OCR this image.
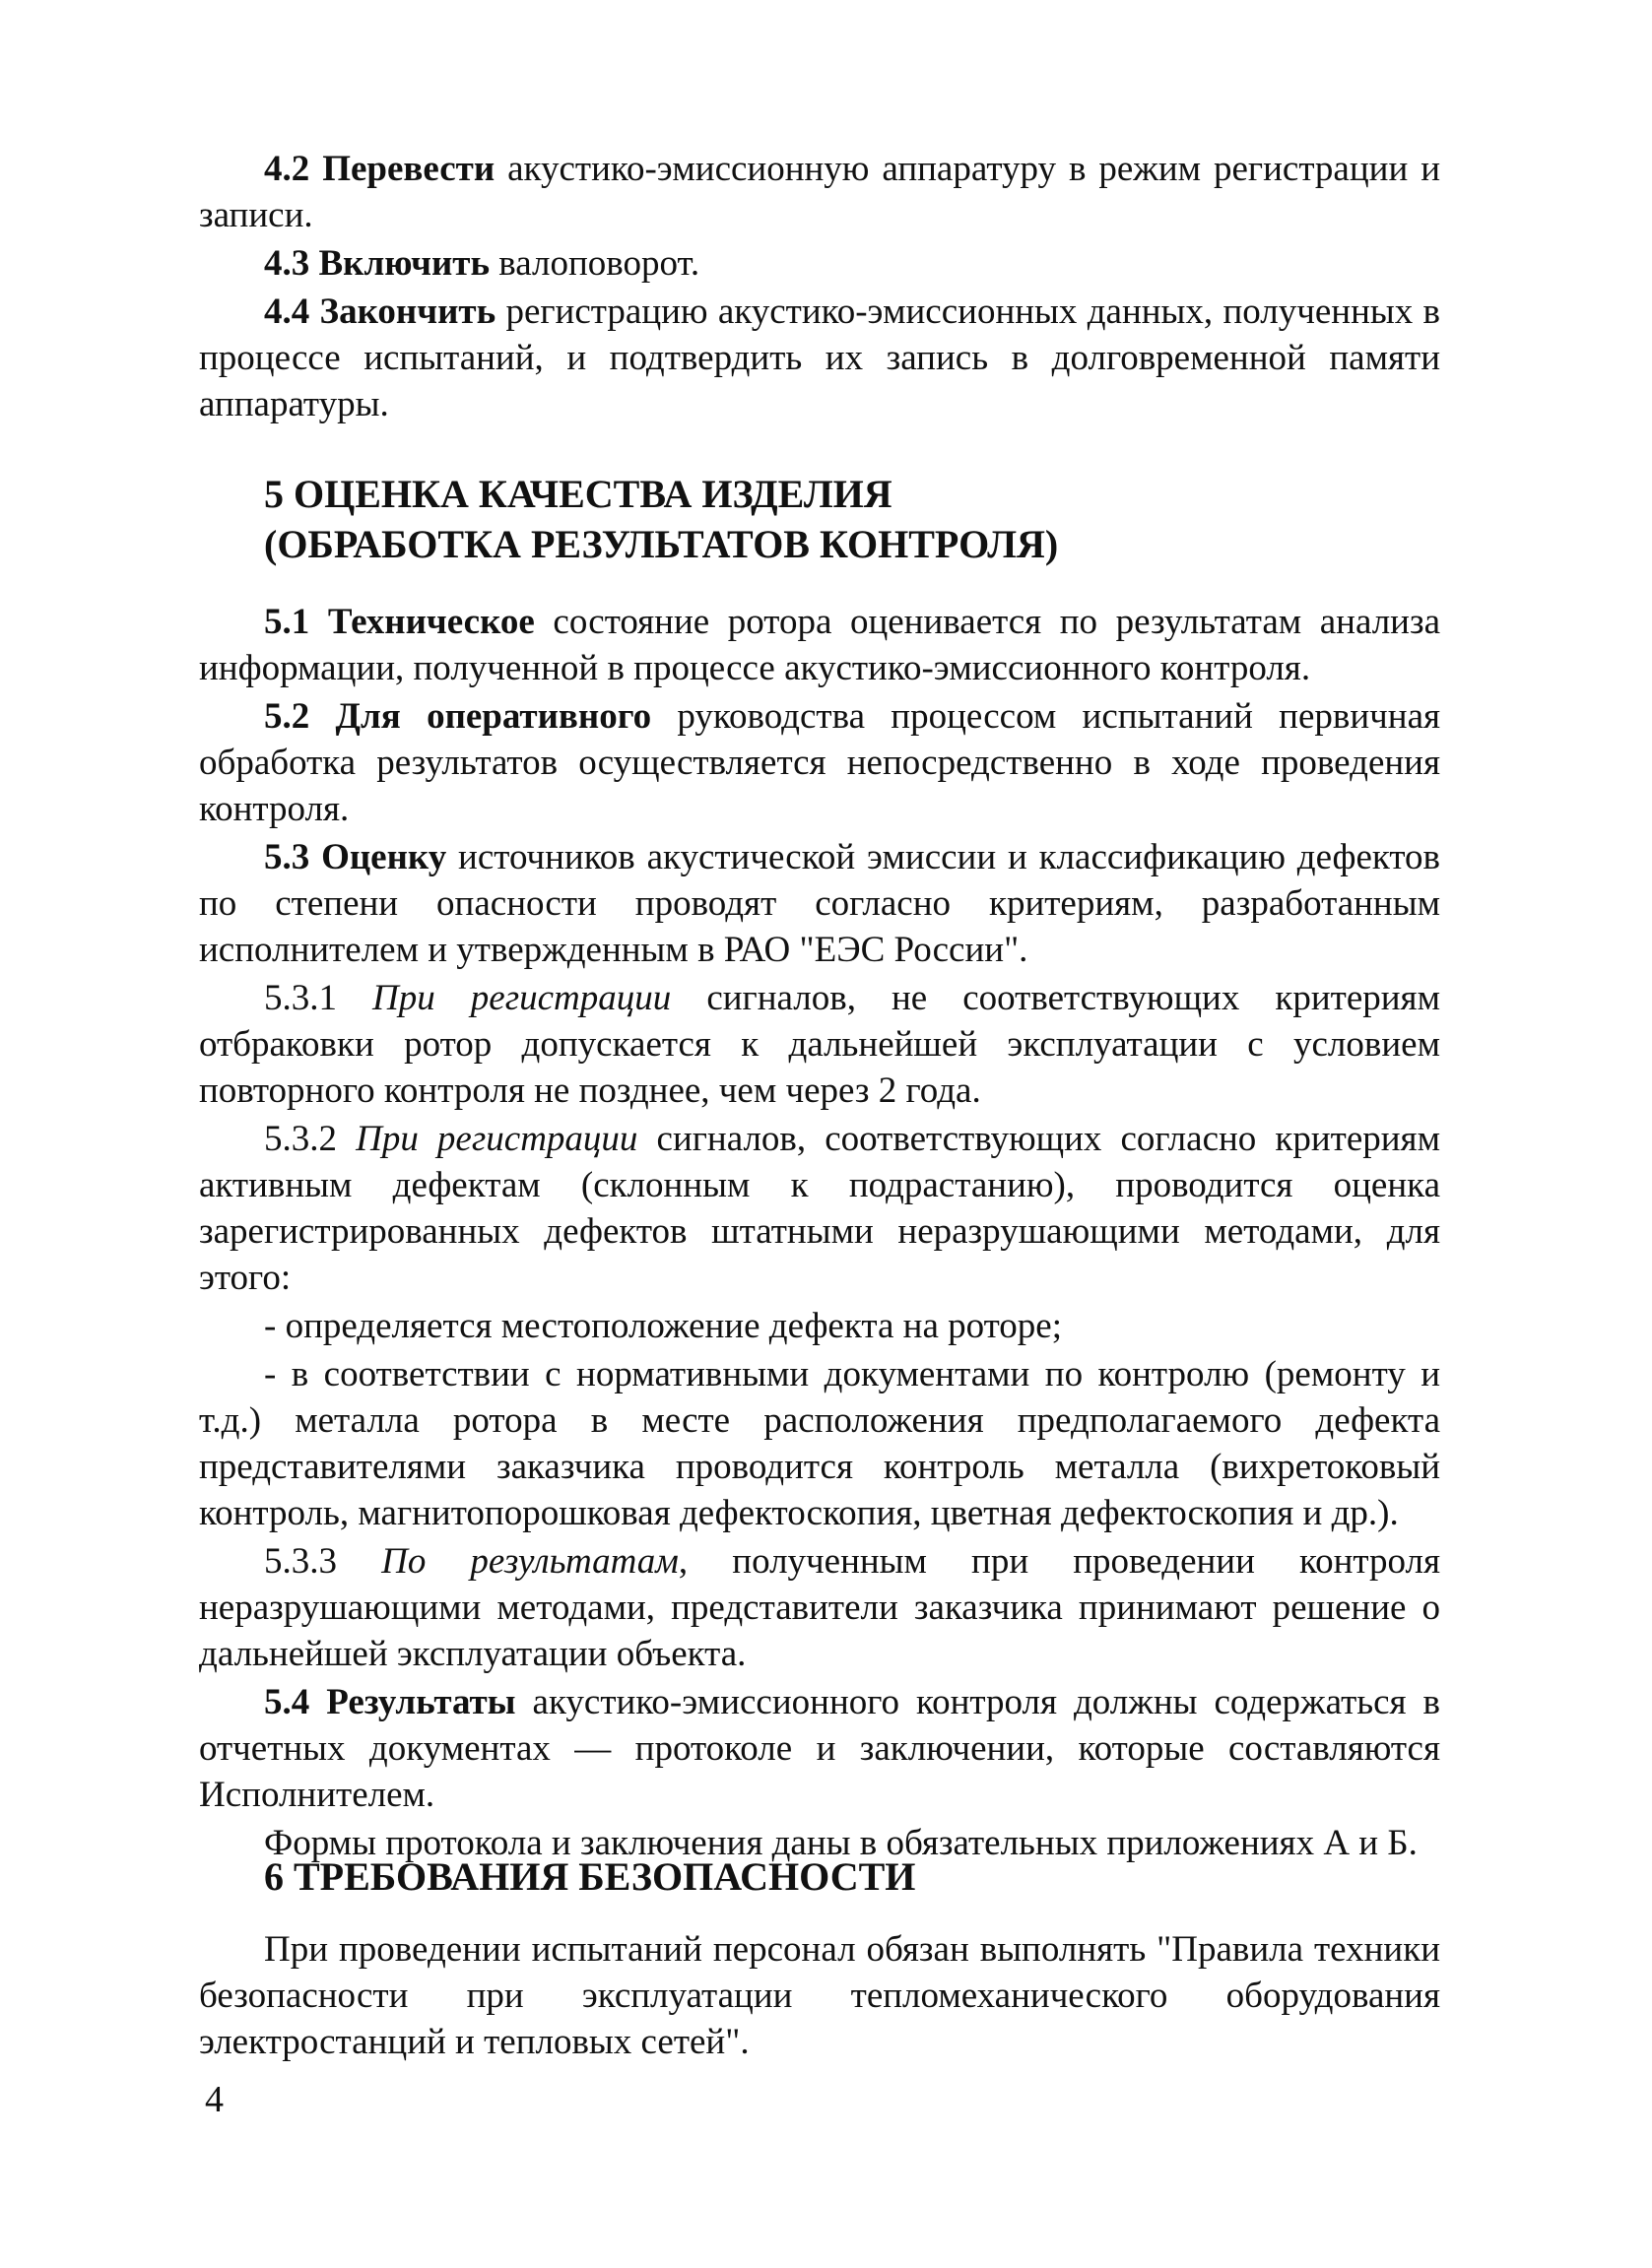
4.2 Перевести акустико-эмиссионную аппаратуру в режим регистрации и записи.

4.3 Включить валоповорот.

4.4 Закончить регистрацию акустико-эмиссионных данных, полученных в процессе испытаний, и подтвердить их запись в долговременной памяти аппаратуры.

5 ОЦЕНКА КАЧЕСТВА ИЗДЕЛИЯ
(ОБРАБОТКА РЕЗУЛЬТАТОВ КОНТРОЛЯ)

5.1 Техническое состояние ротора оценивается по результатам анализа информации, полученной в процессе акустико-эмиссионного контроля.

5.2 Для оперативного руководства процессом испытаний первичная обработка результатов осуществляется непосредственно в ходе проведения контроля.

5.3 Оценку источников акустической эмиссии и классификацию дефектов по степени опасности проводят согласно критериям, разработанным исполнителем и утвержденным в РАО "ЕЭС России".

5.3.1 При регистрации сигналов, не соответствующих критериям отбраковки ротор допускается к дальнейшей эксплуатации с условием повторного контроля не позднее, чем через 2 года.

5.3.2 При регистрации сигналов, соответствующих согласно критериям активным дефектам (склонным к подрастанию), проводится оценка зарегистрированных дефектов штатными неразрушающими методами, для этого:

- определяется местоположение дефекта на роторе;

- в соответствии с нормативными документами по контролю (ремонту и т.д.) металла ротора в месте расположения предполагаемого дефекта представителями заказчика проводится контроль металла (вихретоковый контроль, магнитопорошковая дефектоскопия, цветная дефектоскопия и др.).

5.3.3 По результатам, полученным при проведении контроля неразрушающими методами, представители заказчика принимают решение о дальнейшей эксплуатации объекта.

5.4 Результаты акустико-эмиссионного контроля должны содержаться в отчетных документах — протоколе и заключении, которые составляются Исполнителем.

Формы протокола и заключения даны в обязательных приложениях А и Б.

6 ТРЕБОВАНИЯ БЕЗОПАСНОСТИ

При проведении испытаний персонал обязан выполнять "Правила техники безопасности при эксплуатации тепломеханического оборудования электростанций и тепловых сетей".

4
